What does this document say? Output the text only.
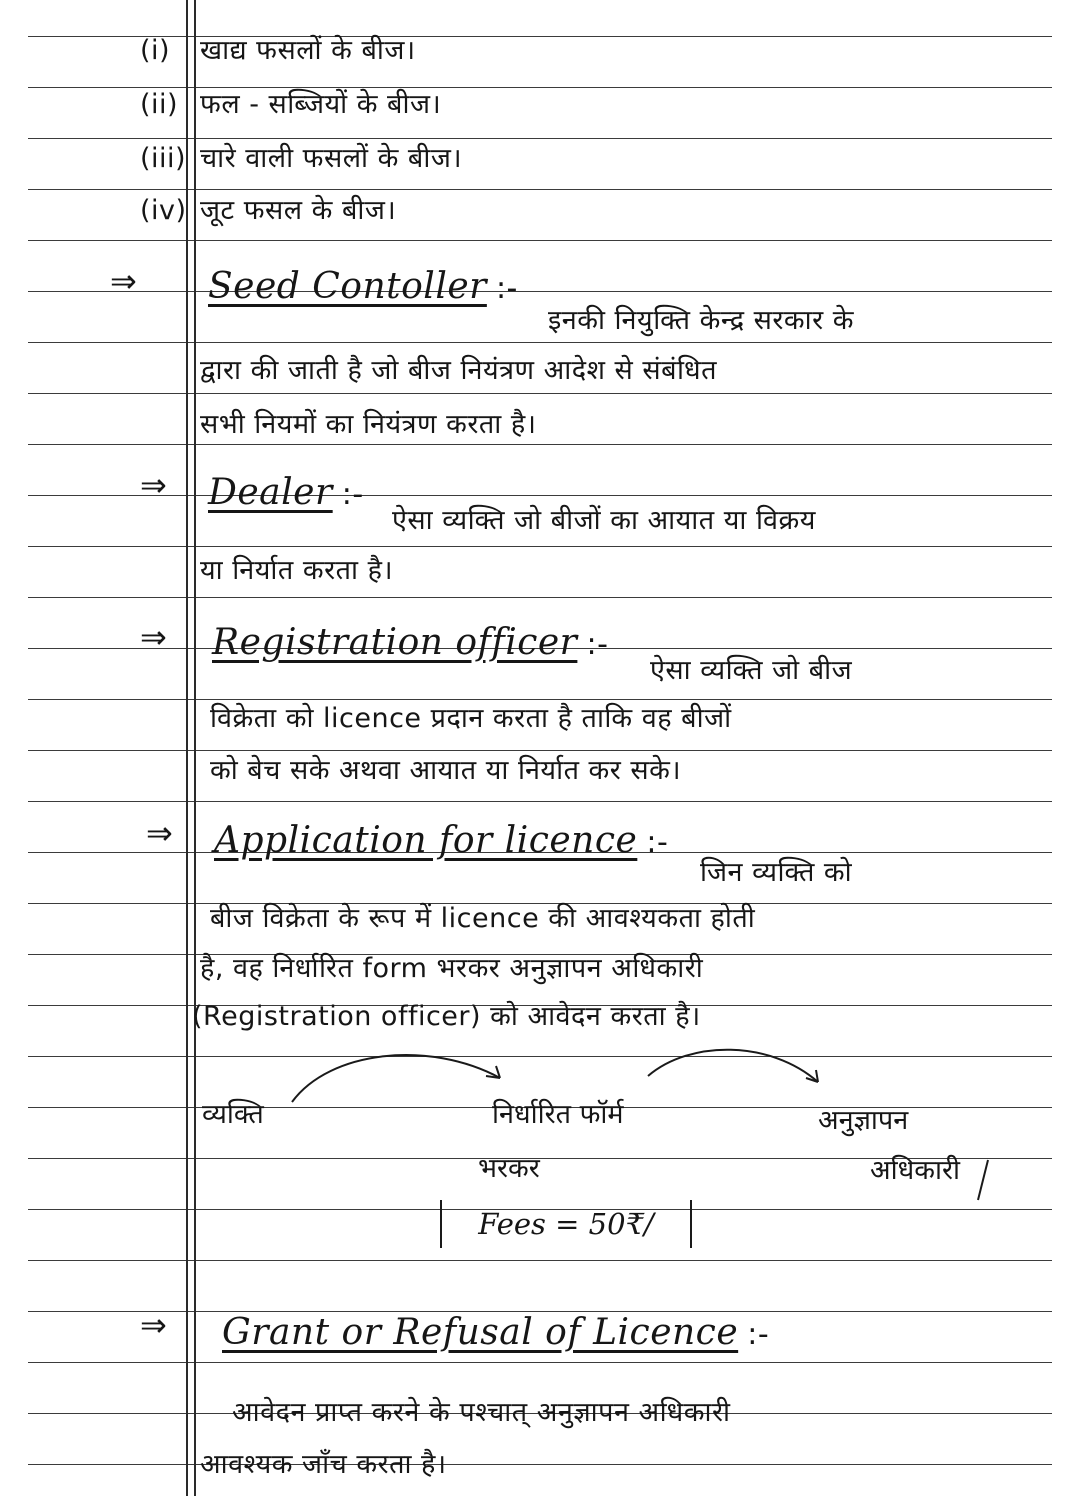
(i) खाद्य फसलों के बीज।
(ii) फल - सब्जियों के बीज।
(iii) चारे वाली फसलों के बीज।
(iv) जूट फसल के बीज।
⇒ Seed Contoller :-
इनकी नियुक्ति केन्द्र सरकार के
द्वारा की जाती है जो बीज नियंत्रण आदेश से संबंधित
सभी नियमों का नियंत्रण करता है।
⇒ Dealer :-
ऐसा व्यक्ति जो बीजों का आयात या विक्रय
या निर्यात करता है।
⇒ Registration officer :-
ऐसा व्यक्ति जो बीज
विक्रेता को licence प्रदान करता है ताकि वह बीजों
को बेच सके अथवा आयात या निर्यात कर सके।
⇒ Application for licence :-
जिन व्यक्ति को
बीज विक्रेता के रूप में licence की आवश्यकता होती
है, वह निर्धारित form भरकर अनुज्ञापन अधिकारी
(Registration officer) को आवेदन करता है।
व्यक्ति	निर्धारित फॉर्म
भरकर
अनुज्ञापन
अधिकारी
Fees = 50₹/
⇒ Grant or Refusal of Licence :-
आवेदन प्राप्त करने के पश्चात् अनुज्ञापन अधिकारी
आवश्यक जाँच करता है।
